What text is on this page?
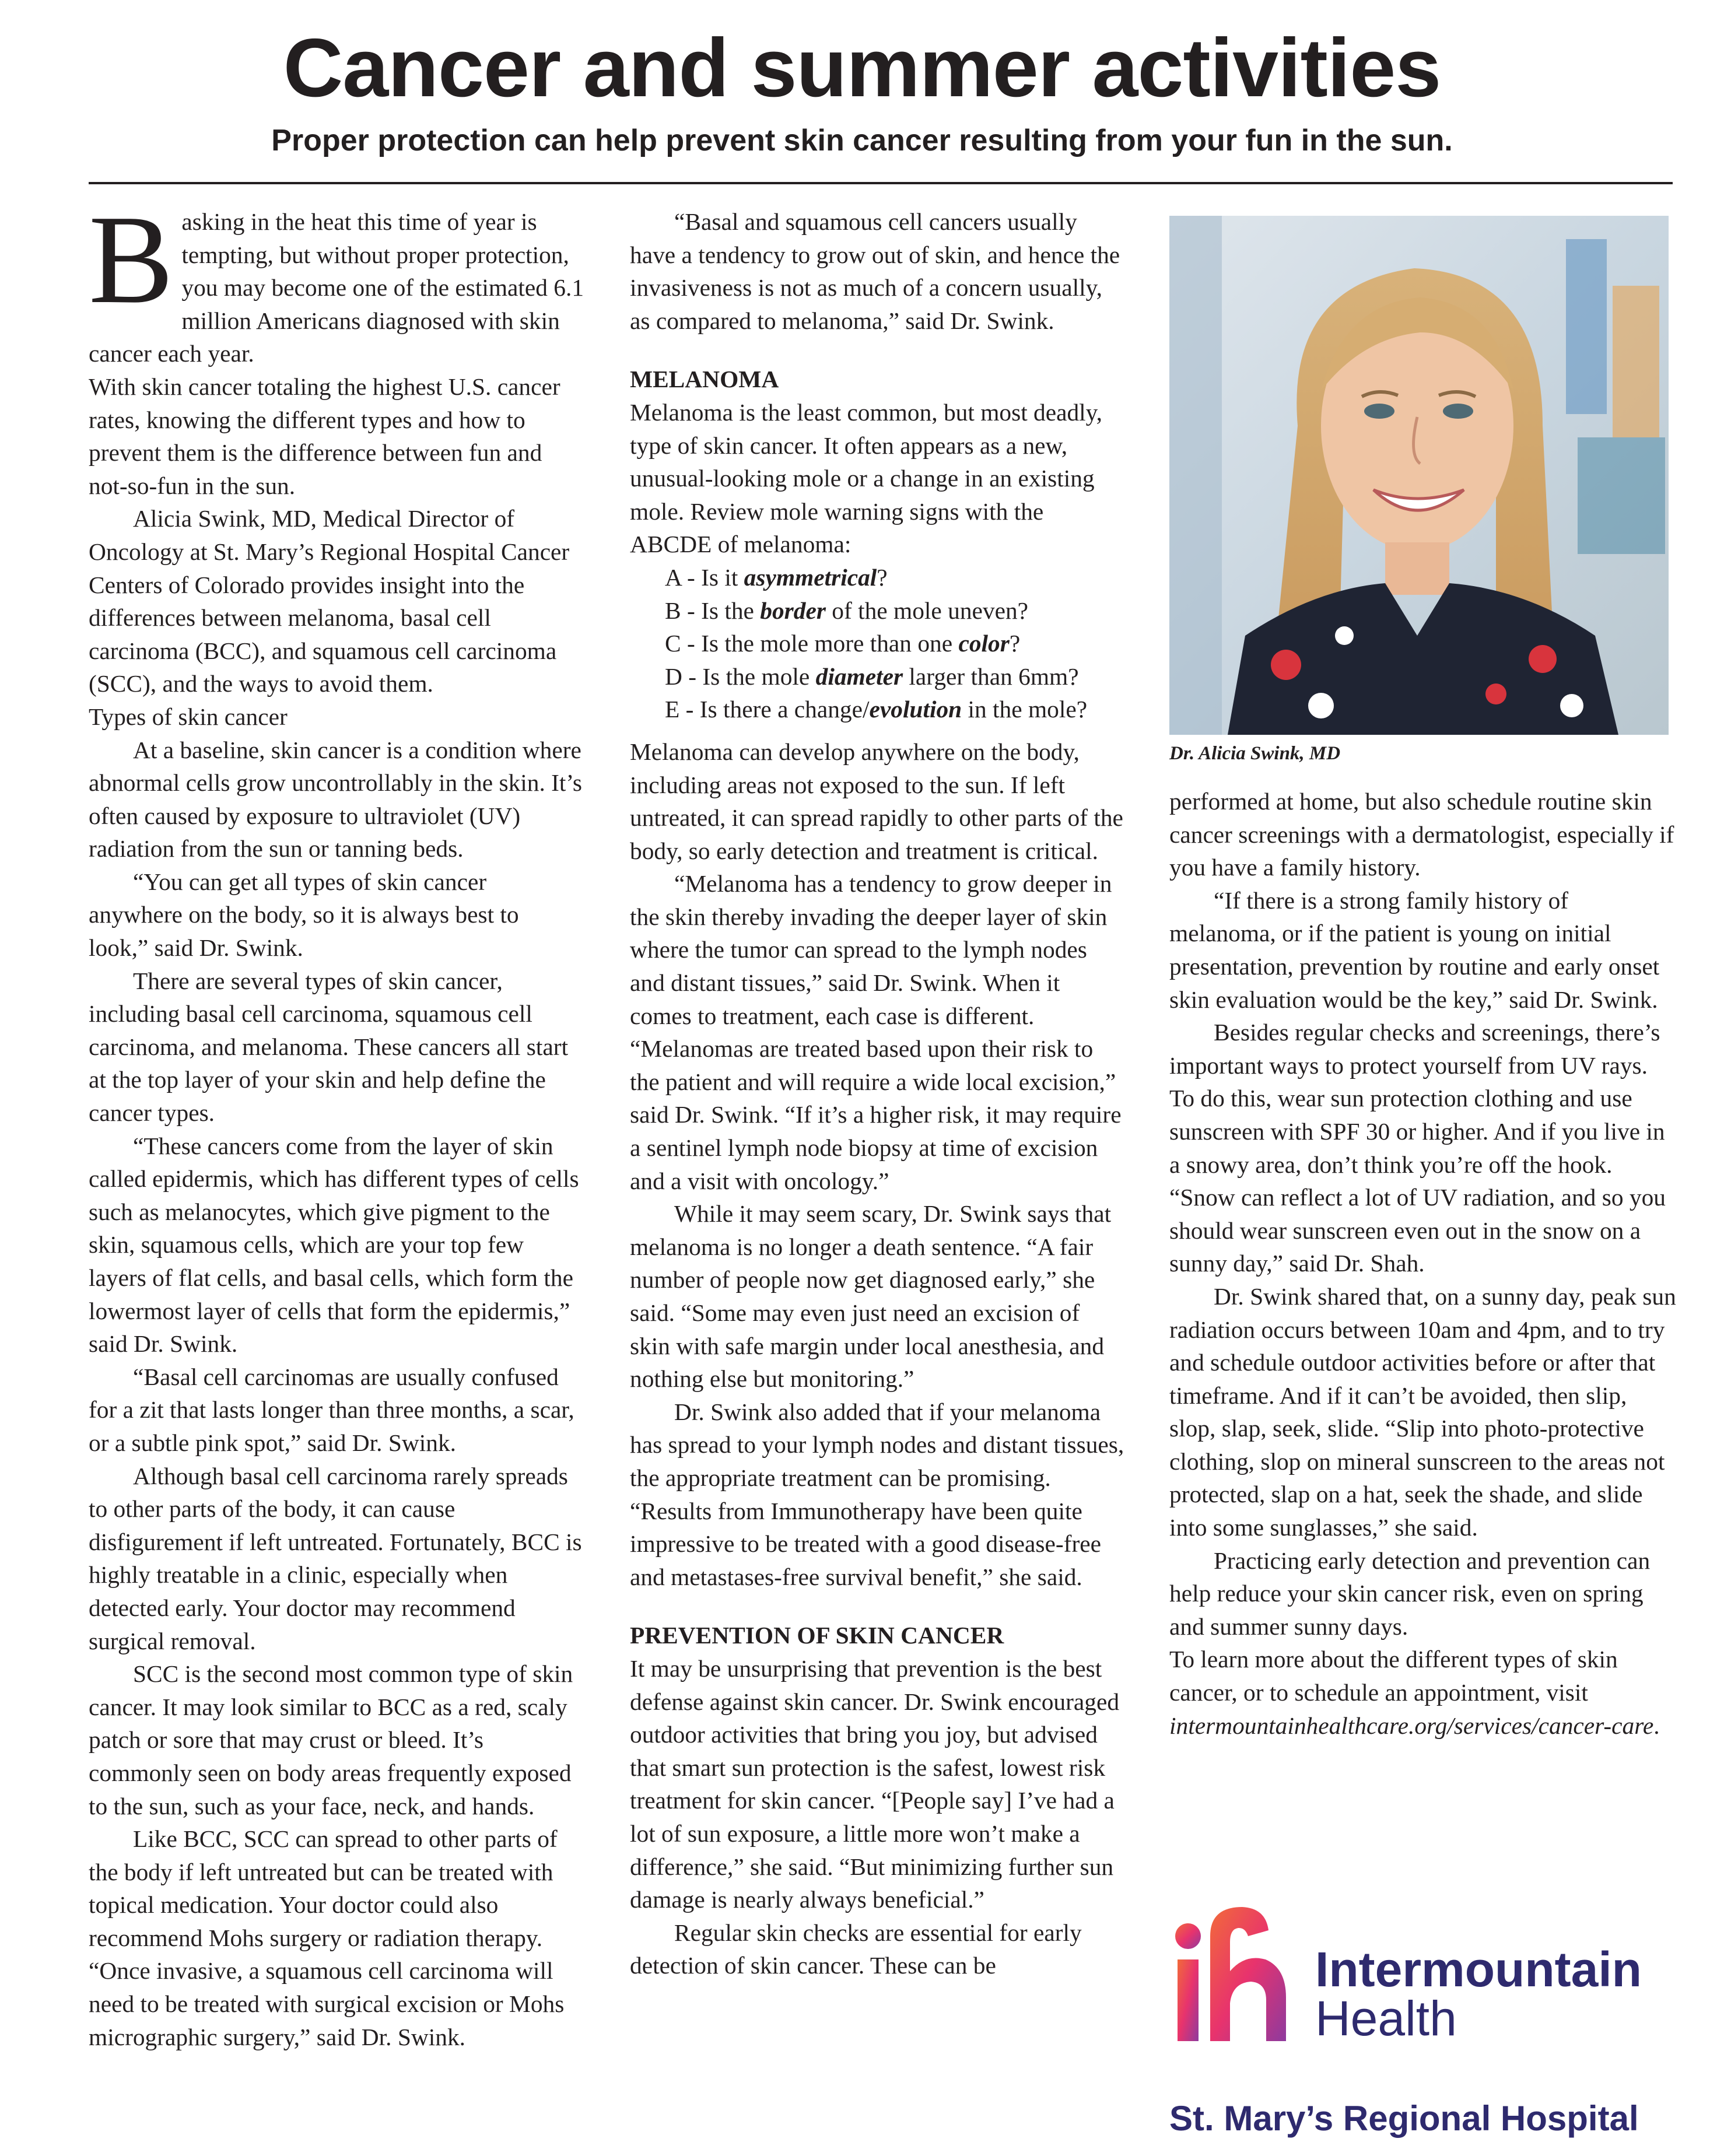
Cancer and summer activities
Proper protection can help prevent skin cancer resulting from your fun in the sun.

Basking in the heat this time of year is tempting, but without proper protection, you may become one of the estimated 6.1 million Americans diagnosed with skin cancer each year.

With skin cancer totaling the highest U.S. cancer rates, knowing the different types and how to prevent them is the difference between fun and not-so-fun in the sun.

Alicia Swink, MD, Medical Director of Oncology at St. Mary’s Regional Hospital Cancer Centers of Colorado provides insight into the differences between melanoma, basal cell carcinoma (BCC), and squamous cell carcinoma (SCC), and the ways to avoid them.

Types of skin cancer

At a baseline, skin cancer is a condition where abnormal cells grow uncontrollably in the skin. It’s often caused by exposure to ultraviolet (UV) radiation from the sun or tanning beds.

“You can get all types of skin cancer anywhere on the body, so it is always best to look,” said Dr. Swink.

There are several types of skin cancer, including basal cell carcinoma, squamous cell carcinoma, and melanoma. These cancers all start at the top layer of your skin and help define the cancer types.

“These cancers come from the layer of skin called epidermis, which has different types of cells such as melanocytes, which give pigment to the skin, squamous cells, which are your top few layers of flat cells, and basal cells, which form the lowermost layer of cells that form the epidermis,” said Dr. Swink.

“Basal cell carcinomas are usually confused for a zit that lasts longer than three months, a scar, or a subtle pink spot,” said Dr. Swink.

Although basal cell carcinoma rarely spreads to other parts of the body, it can cause disfigurement if left untreated. Fortunately, BCC is highly treatable in a clinic, especially when detected early. Your doctor may recommend surgical removal.

SCC is the second most common type of skin cancer. It may look similar to BCC as a red, scaly patch or sore that may crust or bleed. It’s commonly seen on body areas frequently exposed to the sun, such as your face, neck, and hands.

Like BCC, SCC can spread to other parts of the body if left untreated but can be treated with topical medication. Your doctor could also recommend Mohs surgery or radiation therapy. “Once invasive, a squamous cell carcinoma will need to be treated with surgical excision or Mohs micrographic surgery,” said Dr. Swink.

“Basal and squamous cell cancers usually have a tendency to grow out of skin, and hence the invasiveness is not as much of a concern usually, as compared to melanoma,” said Dr. Swink.

MELANOMA

Melanoma is the least common, but most deadly, type of skin cancer. It often appears as a new, unusual-looking mole or a change in an existing mole. Review mole warning signs with the ABCDE of melanoma:

A - Is it asymmetrical?

B - Is the border of the mole uneven?

C - Is the mole more than one color?

D - Is the mole diameter larger than 6mm?

E - Is there a change/evolution in the mole?

Melanoma can develop anywhere on the body, including areas not exposed to the sun. If left untreated, it can spread rapidly to other parts of the body, so early detection and treatment is critical.

“Melanoma has a tendency to grow deeper in the skin thereby invading the deeper layer of skin where the tumor can spread to the lymph nodes and distant tissues,” said Dr. Swink. When it comes to treatment, each case is different. “Melanomas are treated based upon their risk to the patient and will require a wide local excision,” said Dr. Swink. “If it’s a higher risk, it may require a sentinel lymph node biopsy at time of excision and a visit with oncology.”

While it may seem scary, Dr. Swink says that melanoma is no longer a death sentence. “A fair number of people now get diagnosed early,” she said. “Some may even just need an excision of skin with safe margin under local anesthesia, and nothing else but monitoring.”

Dr. Swink also added that if your melanoma has spread to your lymph nodes and distant tissues, the appropriate treatment can be promising. “Results from Immunotherapy have been quite impressive to be treated with a good disease-free and metastases-free survival benefit,” she said.

PREVENTION OF SKIN CANCER

It may be unsurprising that prevention is the best defense against skin cancer. Dr. Swink encouraged outdoor activities that bring you joy, but advised that smart sun protection is the safest, lowest risk treatment for skin cancer. “[People say] I’ve had a lot of sun exposure, a little more won’t make a difference,” she said. “But minimizing further sun damage is nearly always beneficial.”

Regular skin checks are essential for early detection of skin cancer. These can be

Dr. Alicia Swink, MD

performed at home, but also schedule routine skin cancer screenings with a dermatologist, especially if you have a family history.

“If there is a strong family history of melanoma, or if the patient is young on initial presentation, prevention by routine and early onset skin evaluation would be the key,” said Dr. Swink.

Besides regular checks and screenings, there’s important ways to protect yourself from UV rays. To do this, wear sun protection clothing and use sunscreen with SPF 30 or higher. And if you live in a snowy area, don’t think you’re off the hook. “Snow can reflect a lot of UV radiation, and so you should wear sunscreen even out in the snow on a sunny day,” said Dr. Shah.

Dr. Swink shared that, on a sunny day, peak sun radiation occurs between 10am and 4pm, and to try and schedule outdoor activities before or after that timeframe. And if it can’t be avoided, then slip, slop, slap, seek, slide. “Slip into photo-protective clothing, slop on mineral sunscreen to the areas not protected, slap on a hat, seek the shade, and slide into some sunglasses,” she said.

Practicing early detection and prevention can help reduce your skin cancer risk, even on spring and summer sunny days.

To learn more about the different types of skin cancer, or to schedule an appointment, visit intermountainhealthcare.org/services/cancer-care.

Intermountain
Health
St. Mary’s Regional Hospital
